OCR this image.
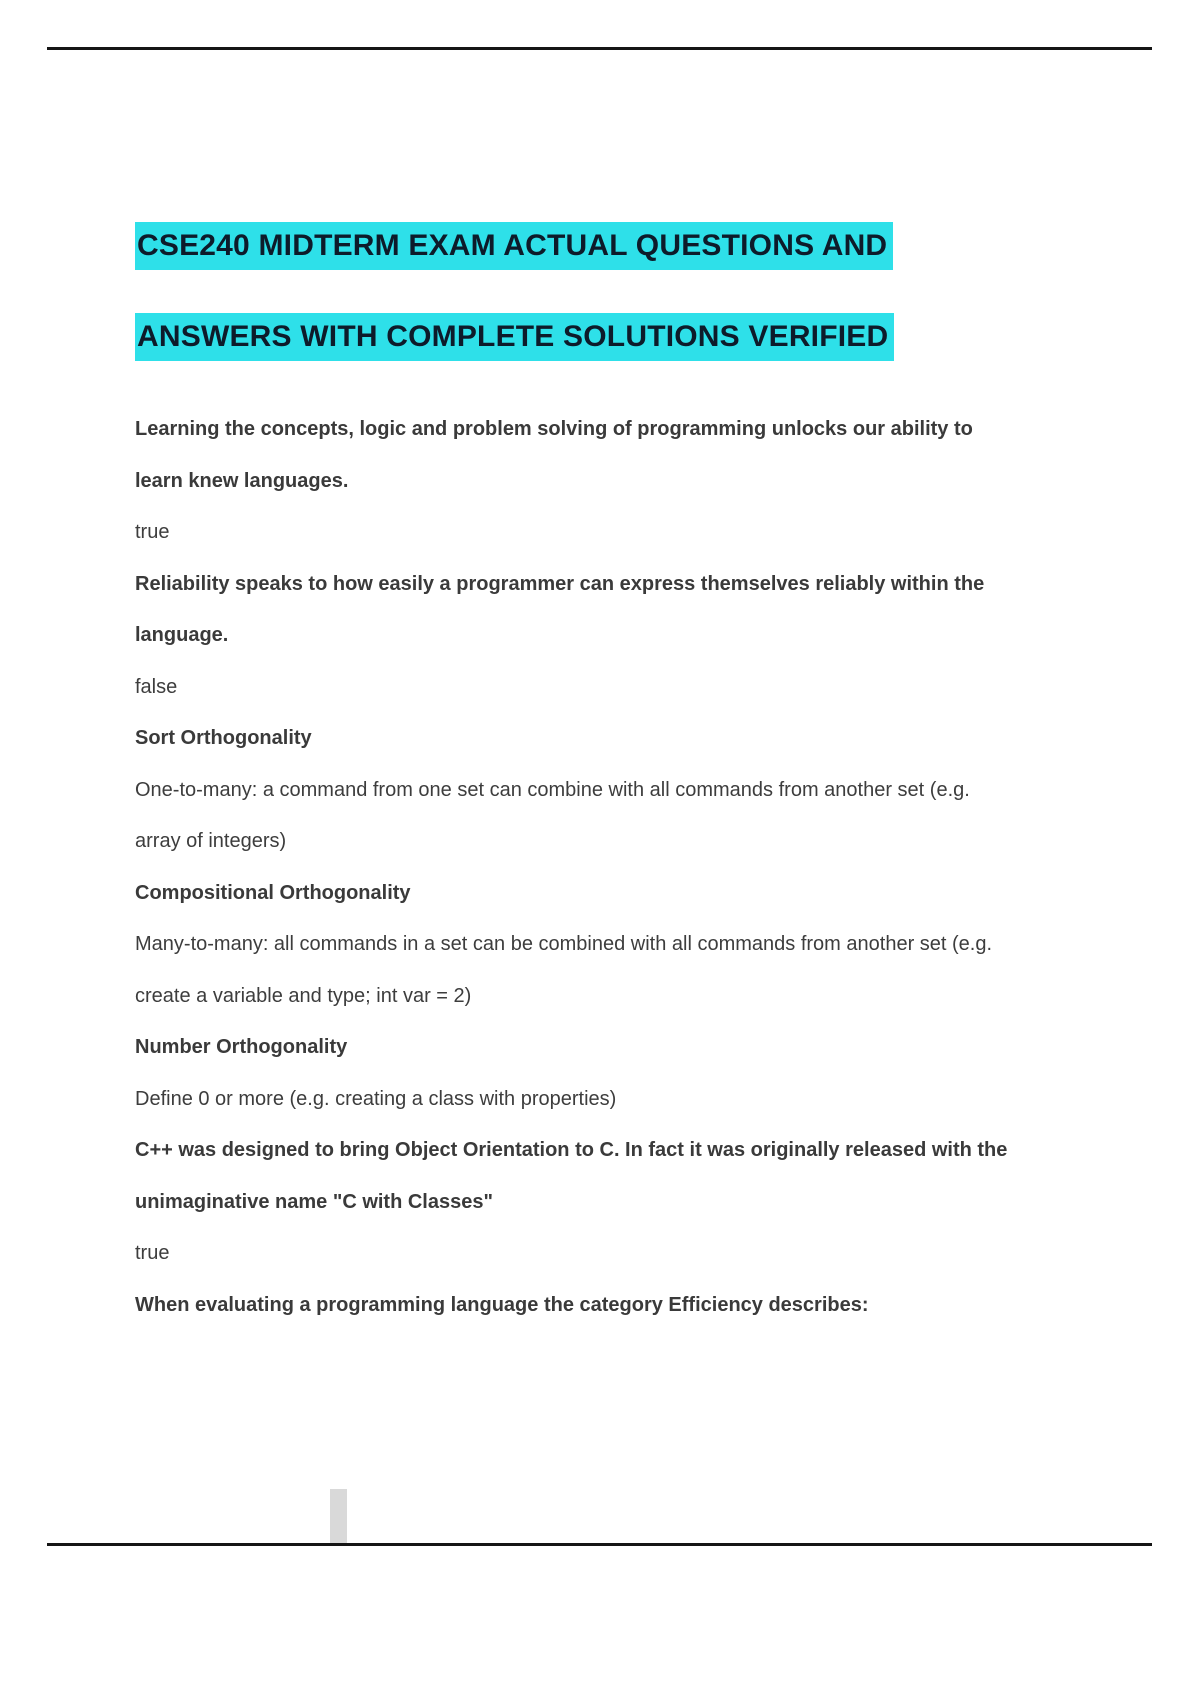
CSE240 MIDTERM EXAM ACTUAL QUESTIONS AND
ANSWERS WITH COMPLETE SOLUTIONS VERIFIED

Learning the concepts, logic and problem solving of programming unlocks our ability to learn knew languages.

true

Reliability speaks to how easily a programmer can express themselves reliably within the language.

false

Sort Orthogonality

One-to-many: a command from one set can combine with all commands from another set (e.g. array of integers)

Compositional Orthogonality

Many-to-many: all commands in a set can be combined with all commands from another set (e.g. create a variable and type; int var = 2)

Number Orthogonality

Define 0 or more (e.g. creating a class with properties)

C++ was designed to bring Object Orientation to C. In fact it was originally released with the unimaginative name "C with Classes"

true

When evaluating a programming language the category Efficiency describes:
